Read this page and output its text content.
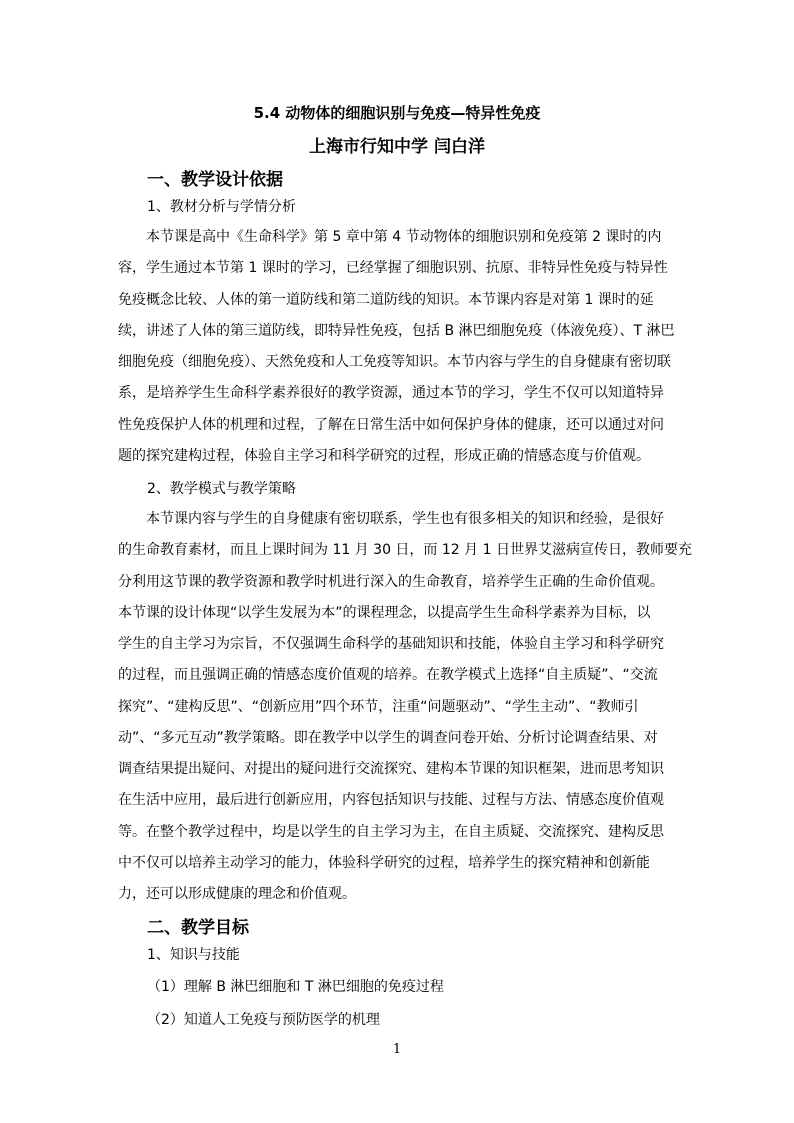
5.4 动物体的细胞识别与免疫—特异性免疫
上海市行知中学 闫白洋
一、教学设计依据
1、教材分析与学情分析

本节课是高中《生命科学》第 5 章中第 4 节动物体的细胞识别和免疫第 2 课时的内

容，学生通过本节第 1 课时的学习，已经掌握了细胞识别、抗原、非特异性免疫与特异性

免疫概念比较、人体的第一道防线和第二道防线的知识。本节课内容是对第 1 课时的延

续，讲述了人体的第三道防线，即特异性免疫，包括 B 淋巴细胞免疫（体液免疫）、T 淋巴

细胞免疫（细胞免疫）、天然免疫和人工免疫等知识。本节内容与学生的自身健康有密切联

系，是培养学生生命科学素养很好的教学资源，通过本节的学习，学生不仅可以知道特异

性免疫保护人体的机理和过程，了解在日常生活中如何保护身体的健康，还可以通过对问

题的探究建构过程，体验自主学习和科学研究的过程，形成正确的情感态度与价值观。

2、教学模式与教学策略

本节课内容与学生的自身健康有密切联系，学生也有很多相关的知识和经验，是很好

的生命教育素材，而且上课时间为 11 月 30 日，而 12 月 1 日世界艾滋病宣传日，教师要充

分利用这节课的教学资源和教学时机进行深入的生命教育，培养学生正确的生命价值观。

本节课的设计体现“以学生发展为本”的课程理念，以提高学生生命科学素养为目标，以

学生的自主学习为宗旨，不仅强调生命科学的基础知识和技能，体验自主学习和科学研究

的过程，而且强调正确的情感态度价值观的培养。在教学模式上选择“自主质疑”、“交流

探究”、“建构反思”、“创新应用”四个环节，注重“问题驱动”、“学生主动”、“教师引

动”、“多元互动”教学策略。即在教学中以学生的调查问卷开始、分析讨论调查结果、对

调查结果提出疑问、对提出的疑问进行交流探究、建构本节课的知识框架，进而思考知识

在生活中应用，最后进行创新应用，内容包括知识与技能、过程与方法、情感态度价值观

等。在整个教学过程中，均是以学生的自主学习为主，在自主质疑、交流探究、建构反思

中不仅可以培养主动学习的能力，体验科学研究的过程，培养学生的探究精神和创新能

力，还可以形成健康的理念和价值观。

二、教学目标
1、知识与技能
（1）理解 B 淋巴细胞和 T 淋巴细胞的免疫过程
（2）知道人工免疫与预防医学的机理
1
